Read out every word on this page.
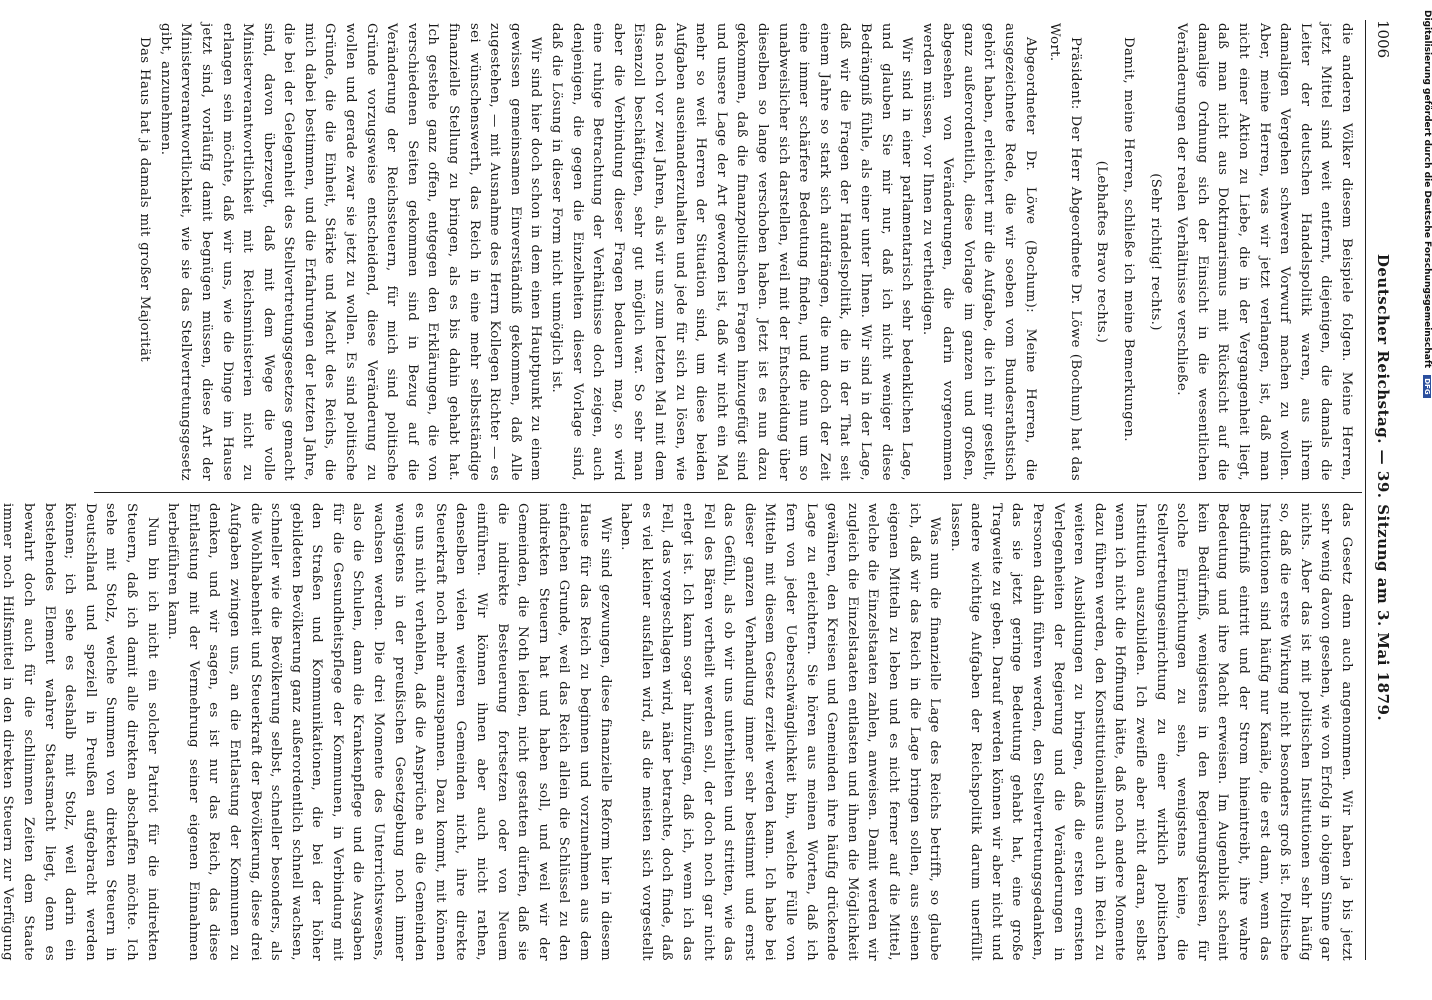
1006
Deutscher Reichstag. — 39. Sitzung am 3. Mai 1879.

die anderen Völker diesem Beispiele folgen. Meine Herren, jetzt Mittel sind weit entfernt, diejenigen, die damals die Leiter der deutschen Handelspolitik waren, aus ihrem damaligen Vergehen schweren Vorwurf machen zu wollen. Aber, meine Herren, was wir jetzt verlangen, ist, daß man nicht einer Aktion zu Liebe, die in der Vergangenheit liegt, daß man nicht aus Doktrinarismus mit Rücksicht auf die damalige Ordnung sich der Einsicht in die wesentlichen Veränderungen der realen Verhältnisse verschließe.

(Sehr richtig! rechts.)

Damit, meine Herren, schließe ich meine Bemerkungen.

(Lebhaftes Bravo rechts.)

Präsident: Der Herr Abgeordnete Dr. Löwe (Bochum) hat das Wort.

Abgeordneter Dr. Löwe (Bochum): Meine Herren, die ausgezeichnete Rede, die wir soeben vom Bundesrathstisch gehört haben, erleichtert mir die Aufgabe, die ich mir gestellt, ganz außerordentlich, diese Vorlage im ganzen und großen, abgesehen von Veränderungen, die darin vorgenommen werden müssen, vor Ihnen zu vertheidigen.

Wir sind in einer parlamentarisch sehr bedenklichen Lage, und glauben Sie mir nur, daß ich nicht weniger diese Bedrängniß fühle, als einer unter Ihnen. Wir sind in der Lage, daß wir die Fragen der Handelspolitik, die in der That seit einem Jahre so stark sich aufdrängen, die nun doch der Zeit eine immer schärfere Bedeutung finden, und die nun um so unabweislicher sich darstellen, weil mit der Entscheidung über dieselben so lange verschoben haben. Jetzt ist es nun dazu gekommen, daß die finanzpolitischen Fragen hinzugefügt sind und unsere Lage der Art geworden ist, daß wir nicht ein Mal mehr so weit Herren der Situation sind, um diese beiden Aufgaben auseinanderzuhalten und jede für sich zu lösen, wie das noch vor zwei Jahren, als wir uns zum letzten Mal mit dem Eisenzoll beschäftigten, sehr gut möglich war. So sehr man aber die Verbindung dieser Fragen bedauern mag, so wird eine ruhige Betrachtung der Verhältnisse doch zeigen, auch denjenigen, die gegen die Einzelheiten dieser Vorlage sind, daß die Lösung in dieser Form nicht unmöglich ist.

Wir sind hier doch schon in dem einen Hauptpunkt zu einem gewissen gemeinsamen Einverständniß gekommen, daß Alle zugestehen, — mit Ausnahme des Herrn Kollegen Richter — es sei wünschenswerth, das Reich in eine mehr selbstständige finanzielle Stellung zu bringen, als es bis dahin gehabt hat. Ich gestehe ganz offen, entgegen den Erklärungen, die von verschiedenen Seiten gekommen sind in Bezug auf die Veränderung der Reichssteuern, für mich sind politische Gründe vorzugsweise entscheidend, diese Veränderung zu wollen und gerade zwar sie jetzt zu wollen. Es sind politische Gründe, die die Einheit, Stärke und Macht des Reichs, die mich dabei bestimmen, und die Erfahrungen der letzten Jahre, die bei der Gelegenheit des Stellvertretungsgesetzes gemacht sind, davon überzeugt, daß mit dem Wege die volle Ministerverantwortlichkeit mit Reichsministerien nicht zu erlangen sein möchte, daß wir uns, wie die Dinge im Hause jetzt sind, vorläufig damit begnügen müssen, diese Art der Ministerverantwortlichkeit, wie sie das Stellvertretungsgesetz gibt, anzunehmen.

Das Haus hat ja damals mit großer Majorität

das Gesetz denn auch angenommen. Wir haben ja bis jetzt sehr wenig davon gesehen, wie von Erfolg in obigem Sinne gar nichts. Aber das ist mit politischen Institutionen sehr häufig so, daß die erste Wirkung nicht besonders groß ist. Politische Institutionen sind häufig nur Kanäle, die erst dann, wenn das Bedürfniß eintritt und der Strom hineintreibt, ihre wahre Bedeutung und ihre Macht erweisen. Im Augenblick scheint kein Bedürfniß, wenigstens in den Regierungskreisen, für solche Einrichtungen zu sein, wenigstens keine, die Stellvertretungseinrichtung zu einer wirklich politischen Institution auszubilden. Ich zweifle aber nicht daran, selbst wenn ich nicht die Hoffnung hätte, daß noch andere Momente dazu führen werden, den Konstitutionalismus auch im Reich zu weiteren Ausbildungen zu bringen, daß die ersten ernsten Verlegenheiten der Regierung und die Veränderungen in Personen dahin führen werden, den Stellvertretungsgedanken, das sie jetzt geringe Bedeutung gehabt hat, eine große Tragweite zu geben. Darauf werden können wir aber nicht und andere wichtige Aufgaben der Reichspolitik darum unerfüllt lassen.

Was nun die finanzielle Lage des Reichs betrifft, so glaube ich, daß wir das Reich in die Lage bringen sollen, aus seinen eigenen Mitteln zu leben und es nicht ferner auf die Mittel, welche die Einzelstaaten zahlen, anweisen. Damit werden wir zugleich die Einzelstaaten entlasten und ihnen die Möglichkeit gewähren, den Kreisen und Gemeinden ihre häufig drückende Lage zu erleichtern. Sie hören aus meinen Worten, daß ich fern von jeder Ueberschwänglichkeit bin, welche Fülle von Mitteln mit diesem Gesetz erzielt werden kann. Ich habe bei dieser ganzen Verhandlung immer sehr bestimmt und ernst das Gefühl, als ob wir uns unterhielten und stritten, wie das Fell des Bären vertheilt werden soll, der doch noch gar nicht erlegt ist. Ich kann sogar hinzufügen, daß ich, wenn ich das Fell, das vorgeschlagen wird, näher betrachte, doch finde, daß es viel kleiner ausfallen wird, als die meisten sich vorgestellt haben.

Wir sind gezwungen, diese finanzielle Reform hier in diesem Hause für das Reich zu beginnen und vorzunehmen aus dem einfachen Grunde, weil das Reich allein die Schlüssel zu den indirekten Steuern hat und haben soll, und weil wir der Gemeinden, die Noth leiden, nicht gestatten dürfen, daß sie die indirekte Besteuerung fortsetzen oder von Neuem einführen. Wir können ihnen aber auch nicht rathen, denselben vielen weiteren Gemeinden nicht, ihre direkte Steuerkraft noch mehr anzuspannen. Dazu kommt, mit können es uns nicht verhehlen, daß die Ansprüche an die Gemeinden wenigstens in der preußischen Gesetzgebung noch immer wachsen werden. Die drei Momente des Unterrichtswesens, also die Schulen, dann die Krankenpflege und die Ausgaben für die Gesundheitspflege der Kommunen, in Verbindung mit den Straßen und Kommunikationen, die bei der höher gebildeten Bevölkerung ganz außerordentlich schnell wachsen, schneller wie die Bevölkerung selbst, schneller besonders, als die Wohlhabenheit und Steuerkraft der Bevölkerung, diese drei Aufgaben zwingen uns, an die Entlastung der Kommunen zu denken, und wir sagen, es ist nur das Reich, das diese Entlastung mit der Vermehrung seiner eigenen Einnahmen herbeiführen kann.

Nun bin ich nicht ein solcher Patriot für die indirekten Steuern, daß ich damit alle direkten abschaffen möchte. Ich sehe mit Stolz, welche Summen von direkten Steuern in Deutschland und speziell in Preußen aufgebracht werden können; ich sehe es deshalb mit Stolz, weil darin ein bestehendes Element wahrer Staatsmacht liegt, denn es bewahrt doch auch für die schlimmen Zeiten dem Staate immer noch Hilfsmittel in den direkten Steuern zur Verfügung

Digitalisierung gefördert durch die Deutsche Forschungsgemeinschaft DFG
